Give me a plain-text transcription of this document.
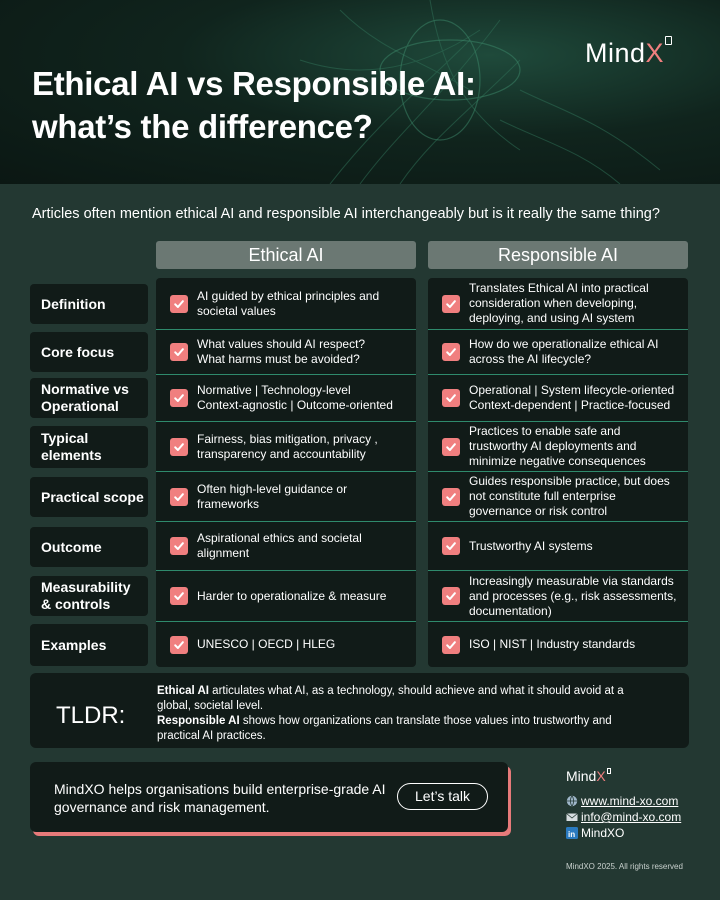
MindX
Ethical AI vs Responsible AI:
what’s the difference?
Articles often mention ethical AI and responsible AI interchangeably but is it really the same thing?
Ethical AI	Responsible AI
Definition
Core focus
Normative vs Operational
Typical elements
Practical scope
Outcome
Measurability & controls
Examples
AI guided by ethical principles and
societal values
What values should AI respect?
What harms must be avoided?
Normative | Technology-level
Context-agnostic | Outcome-oriented
Fairness, bias mitigation, privacy ,
transparency and accountability
Often high-level guidance or
frameworks
Aspirational ethics and societal
alignment
Harder to operationalize & measure
UNESCO | OECD | HLEG
Translates Ethical AI into practical
consideration when developing,
deploying, and using AI system
How do we operationalize ethical AI
across the AI lifecycle?
Operational | System lifecycle-oriented
Context-dependent | Practice-focused
Practices to enable safe and
trustworthy AI deployments and
minimize negative consequences
Guides responsible practice, but does
not constitute full enterprise
governance or risk control
Trustworthy AI systems
Increasingly measurable via standards
and processes (e.g., risk assessments,
documentation)
ISO | NIST | Industry standards
TLDR:
Ethical AI articulates what AI, as a technology, should achieve and what it should avoid at a global, societal level.
Responsible AI shows how organizations can translate those values into trustworthy and practical AI practices.
MindXO helps organisations build enterprise-grade AI governance and risk management.
Let’s talk
MindX
www.mind-xo.com
info@mind-xo.com
in MindXO
MindXO 2025. All rights reserved
